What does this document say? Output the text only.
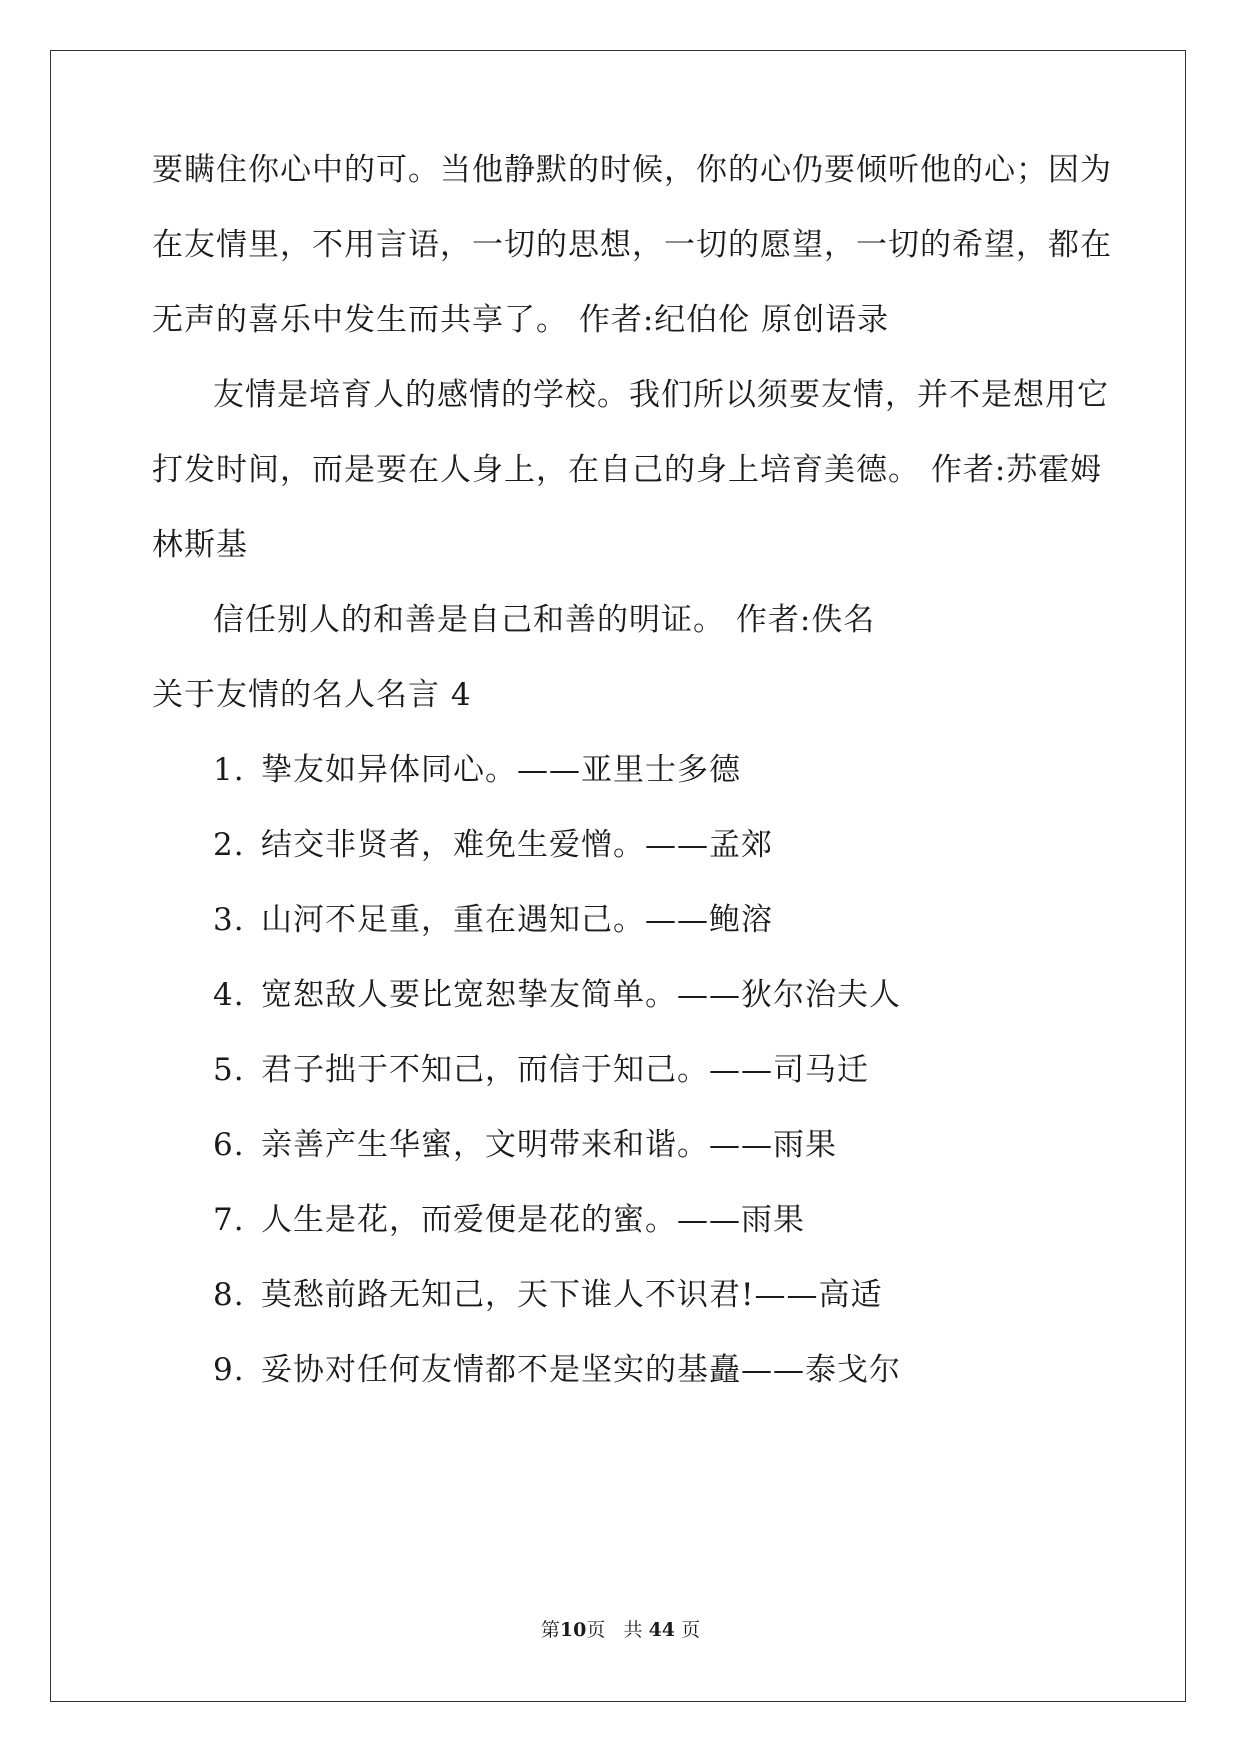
要瞒住你心中的可。当他静默的时候，你的心仍要倾听他的心；因为
在友情里，不用言语，一切的思想，一切的愿望，一切的希望，都在
无声的喜乐中发生而共享了。 作者:纪伯伦 原创语录
友情是培育人的感情的学校。我们所以须要友情，并不是想用它
打发时间，而是要在人身上，在自己的身上培育美德。 作者:苏霍姆
林斯基
信任别人的和善是自己和善的明证。 作者:佚名
关于友情的名人名言 4
1. 挚友如异体同心。——亚里士多德
2. 结交非贤者，难免生爱憎。——孟郊
3. 山河不足重，重在遇知己。——鲍溶
4. 宽恕敌人要比宽恕挚友简单。——狄尔治夫人
5. 君子拙于不知己，而信于知己。——司马迁
6. 亲善产生华蜜，文明带来和谐。——雨果
7. 人生是花，而爱便是花的蜜。——雨果
8. 莫愁前路无知己，天下谁人不识君!——高适
9. 妥协对任何友情都不是坚实的基矗——泰戈尔
第10页 共 44 页
